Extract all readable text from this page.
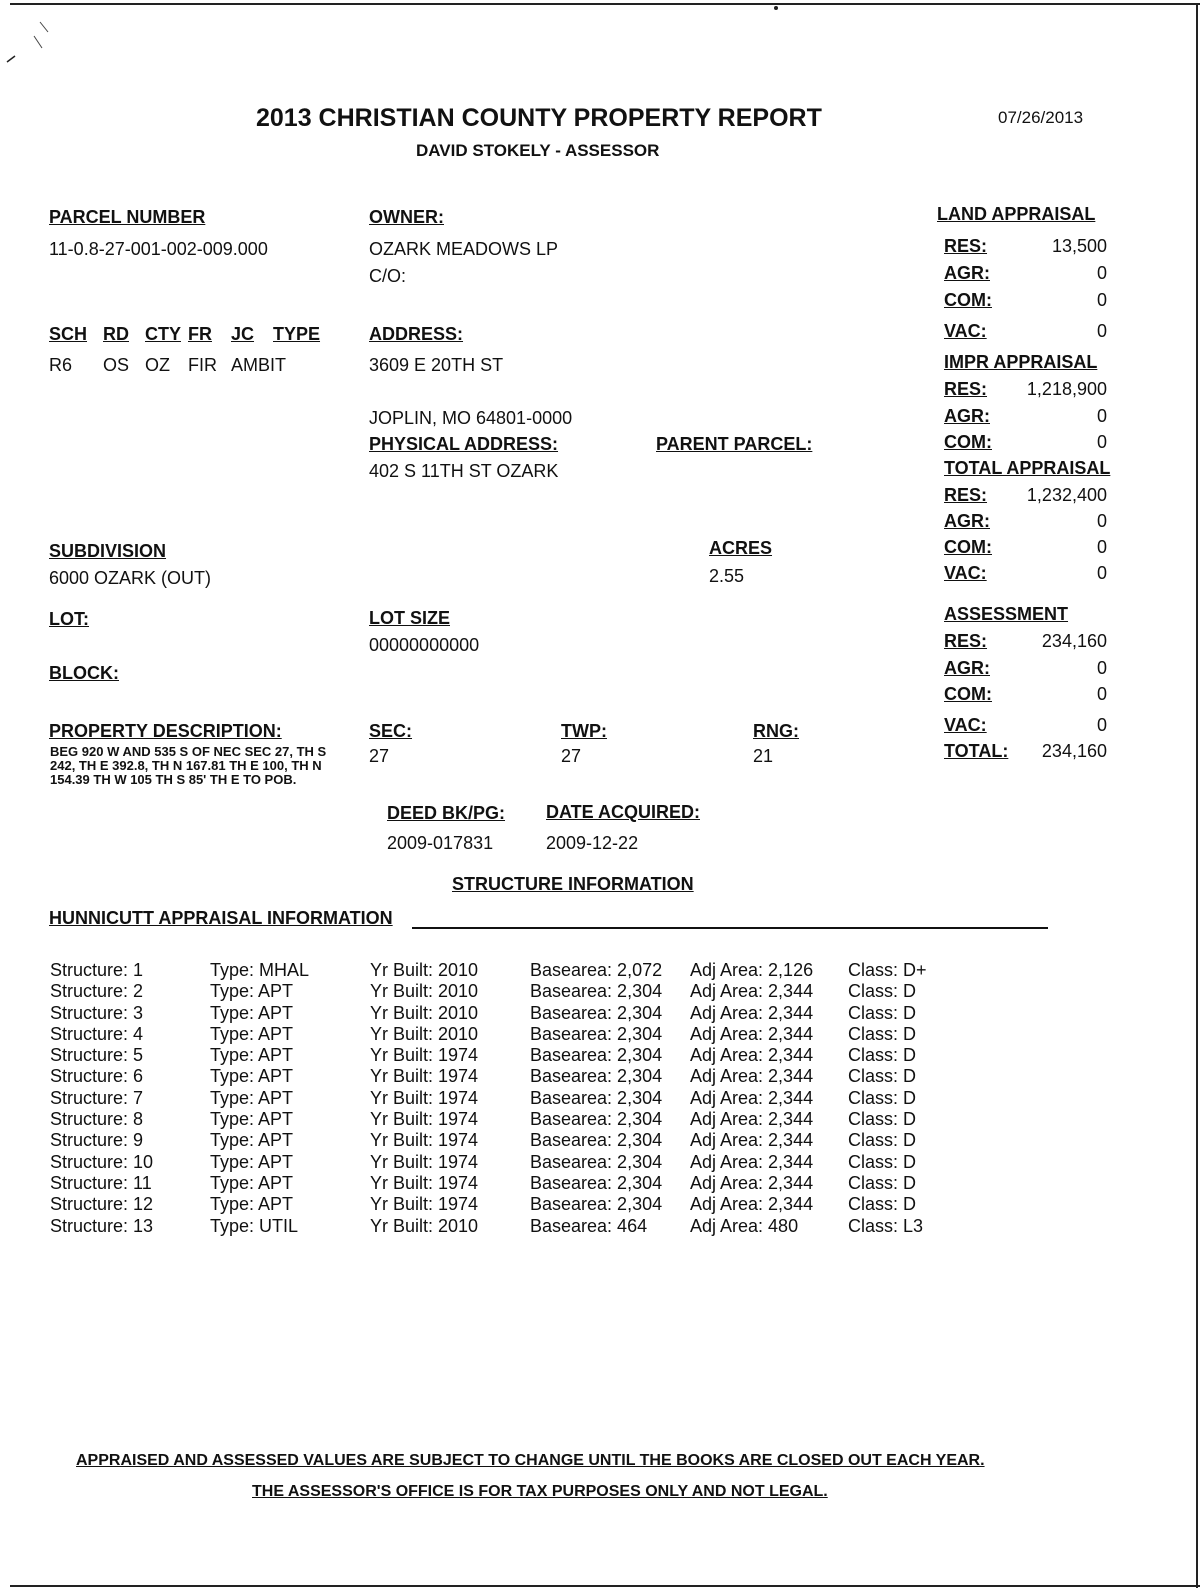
2013 CHRISTIAN COUNTY PROPERTY REPORT
DAVID STOKELY - ASSESSOR
07/26/2013
PARCEL NUMBER
11-0.8-27-001-002-009.000
OWNER:
OZARK MEADOWS LP
C/O:
SCH RD CTY FR JC TYPE
R6 OS OZ FIR AMBIT
ADDRESS:
3609 E 20TH ST
JOPLIN, MO 64801-0000
PHYSICAL ADDRESS:
402 S 11TH ST OZARK
PARENT PARCEL:
SUBDIVISION
6000 OZARK (OUT)
ACRES
2.55
LOT:	LOT SIZE
00000000000
BLOCK:
PROPERTY DESCRIPTION:
BEG 920 W AND 535 S OF NEC SEC 27, TH S 242, TH E 392.8, TH N 167.81 TH E 100, TH N 154.39 TH W 105 TH S 85' TH E TO POB.
SEC:
27
TWP:
27
RNG:
21
DEED BK/PG:
2009-017831
DATE ACQUIRED:
2009-12-22
LAND APPRAISAL
RES:	13,500
AGR:	0
COM:	0
VAC:	0
IMPR APPRAISAL
RES:	1,218,900
AGR:	0
COM:	0
TOTAL APPRAISAL
RES:	1,232,400
AGR:	0
COM:	0
VAC:	0
ASSESSMENT
RES:	234,160
AGR:	0
COM:	0
VAC:	0
TOTAL:	234,160
STRUCTURE INFORMATION
HUNNICUTT APPRAISAL INFORMATION
Structure: 1	Type: MHAL	Yr Built: 2010	Basearea: 2,072	Adj Area: 2,126	Class: D+
Structure: 2	Type: APT	Yr Built: 2010	Basearea: 2,304	Adj Area: 2,344	Class: D
Structure: 3	Type: APT	Yr Built: 2010	Basearea: 2,304	Adj Area: 2,344	Class: D
Structure: 4	Type: APT	Yr Built: 2010	Basearea: 2,304	Adj Area: 2,344	Class: D
Structure: 5	Type: APT	Yr Built: 1974	Basearea: 2,304	Adj Area: 2,344	Class: D
Structure: 6	Type: APT	Yr Built: 1974	Basearea: 2,304	Adj Area: 2,344	Class: D
Structure: 7	Type: APT	Yr Built: 1974	Basearea: 2,304	Adj Area: 2,344	Class: D
Structure: 8	Type: APT	Yr Built: 1974	Basearea: 2,304	Adj Area: 2,344	Class: D
Structure: 9	Type: APT	Yr Built: 1974	Basearea: 2,304	Adj Area: 2,344	Class: D
Structure: 10	Type: APT	Yr Built: 1974	Basearea: 2,304	Adj Area: 2,344	Class: D
Structure: 11	Type: APT	Yr Built: 1974	Basearea: 2,304	Adj Area: 2,344	Class: D
Structure: 12	Type: APT	Yr Built: 1974	Basearea: 2,304	Adj Area: 2,344	Class: D
Structure: 13	Type: UTIL	Yr Built: 2010	Basearea: 464	Adj Area: 480	Class: L3
APPRAISED AND ASSESSED VALUES ARE SUBJECT TO CHANGE UNTIL THE BOOKS ARE CLOSED OUT EACH YEAR.
THE ASSESSOR'S OFFICE IS FOR TAX PURPOSES ONLY AND NOT LEGAL.
